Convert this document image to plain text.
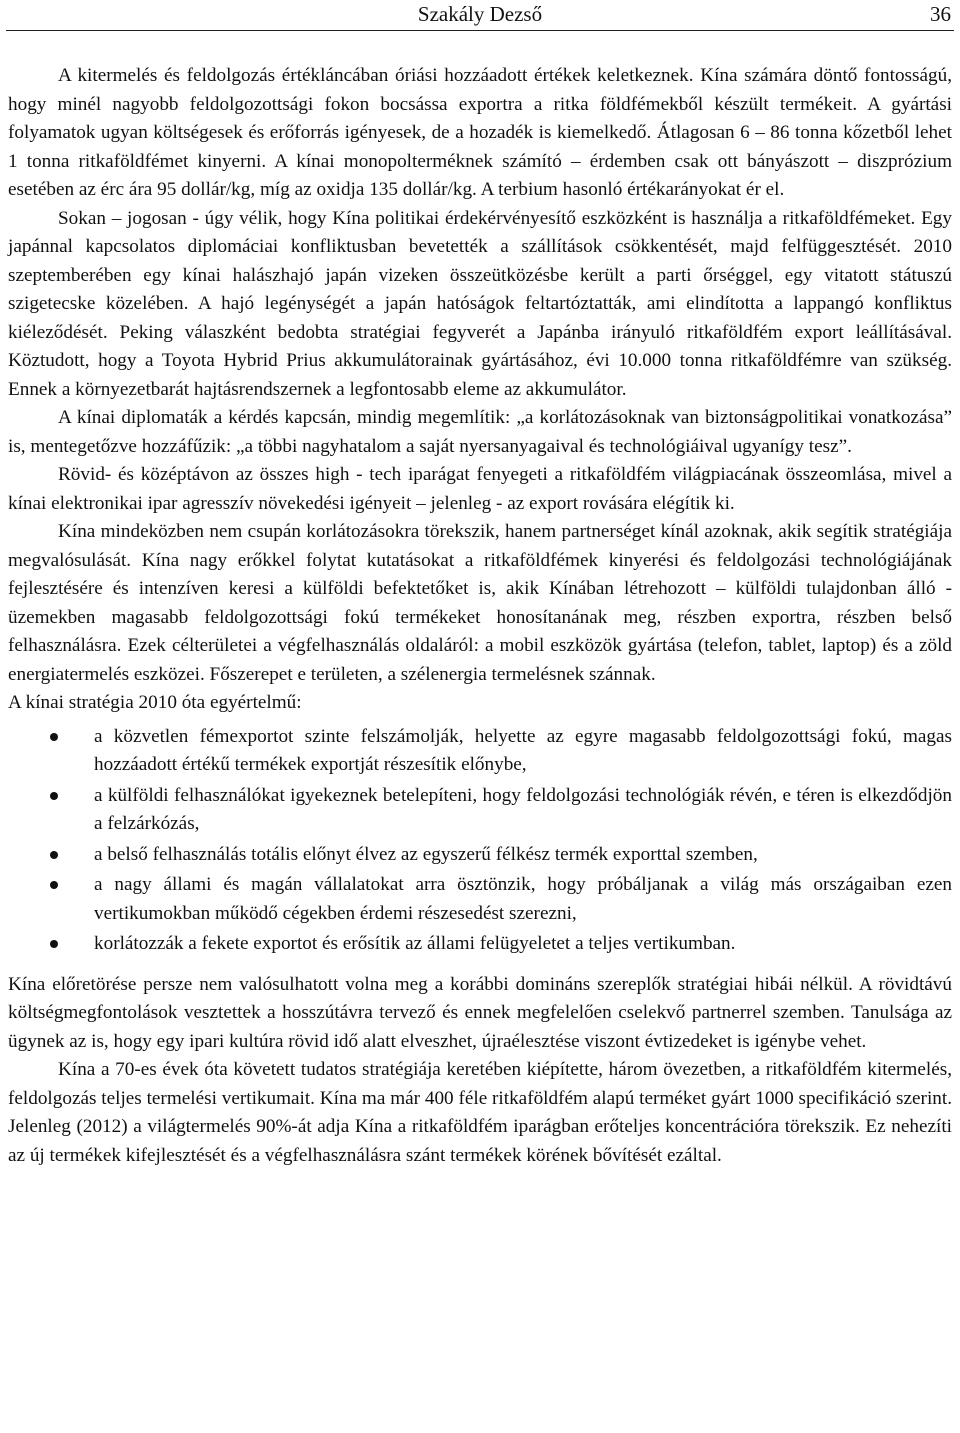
Szakály Dezső	36

A kitermelés és feldolgozás értékláncában óriási hozzáadott értékek keletkeznek. Kína számára döntő fontosságú, hogy minél nagyobb feldolgozottsági fokon bocsássa exportra a ritka földfémekből készült termékeit. A gyártási folyamatok ugyan költségesek és erőforrás igényesek, de a hozadék is kiemelkedő. Átlagosan 6 – 86 tonna kőzetből lehet 1 tonna ritkaföldfémet kinyerni. A kínai monopolterméknek számító – érdemben csak ott bányászott – diszprózium esetében az érc ára 95 dollár/kg, míg az oxidja 135 dollár/kg. A terbium hasonló értékarányokat ér el.

Sokan – jogosan - úgy vélik, hogy Kína politikai érdekérvényesítő eszközként is használja a ritkaföldfémeket. Egy japánnal kapcsolatos diplomáciai konfliktusban bevetették a szállítások csökkentését, majd felfüggesztését. 2010 szeptemberében egy kínai halászhajó japán vizeken összeütközésbe került a parti őrséggel, egy vitatott státuszú szigetecske közelében. A hajó legénységét a japán hatóságok feltartóztatták, ami elindította a lappangó konfliktus kiéleződését. Peking válaszként bedobta stratégiai fegyverét a Japánba irányuló ritkaföldfém export leállításával. Köztudott, hogy a Toyota Hybrid Prius akkumulátorainak gyártásához, évi 10.000 tonna ritkaföldfémre van szükség. Ennek a környezetbarát hajtásrendszernek a legfontosabb eleme az akkumulátor.

A kínai diplomaták a kérdés kapcsán, mindig megemlítik: „a korlátozásoknak van biztonságpolitikai vonatkozása” is, mentegetőzve hozzáfűzik: „a többi nagyhatalom a saját nyersanyagaival és technológiáival ugyanígy tesz”.

Rövid- és középtávon az összes high - tech iparágat fenyegeti a ritkaföldfém világpiacának összeomlása, mivel a kínai elektronikai ipar agresszív növekedési igényeit – jelenleg - az export rovására elégítik ki.

Kína mindeközben nem csupán korlátozásokra törekszik, hanem partnerséget kínál azoknak, akik segítik stratégiája megvalósulását. Kína nagy erőkkel folytat kutatásokat a ritkaföldfémek kinyerési és feldolgozási technológiájának fejlesztésére és intenzíven keresi a külföldi befektetőket is, akik Kínában létrehozott – külföldi tulajdonban álló - üzemekben magasabb feldolgozottsági fokú termékeket honosítanának meg, részben exportra, részben belső felhasználásra. Ezek célterületei a végfelhasználás oldaláról: a mobil eszközök gyártása (telefon, tablet, laptop) és a zöld energiatermelés eszközei. Főszerepet e területen, a szélenergia termelésnek szánnak.

A kínai stratégia 2010 óta egyértelmű:

a közvetlen fémexportot szinte felszámolják, helyette az egyre magasabb feldolgozottsági fokú, magas hozzáadott értékű termékek exportját részesítik előnybe,
a külföldi felhasználókat igyekeznek betelepíteni, hogy feldolgozási technológiák révén, e téren is elkezdődjön a felzárkózás,
a belső felhasználás totális előnyt élvez az egyszerű félkész termék exporttal szemben,
a nagy állami és magán vállalatokat arra ösztönzik, hogy próbáljanak a világ más országaiban ezen vertikumokban működő cégekben érdemi részesedést szerezni,
korlátozzák a fekete exportot és erősítik az állami felügyeletet a teljes vertikumban.

Kína előretörése persze nem valósulhatott volna meg a korábbi domináns szereplők stratégiai hibái nélkül. A rövidtávú költségmegfontolások vesztettek a hosszútávra tervező és ennek megfelelően cselekvő partnerrel szemben. Tanulsága az ügynek az is, hogy egy ipari kultúra rövid idő alatt elveszhet, újraélesztése viszont évtizedeket is igénybe vehet.

Kína a 70-es évek óta követett tudatos stratégiája keretében kiépítette, három övezetben, a ritkaföldfém kitermelés, feldolgozás teljes termelési vertikumait. Kína ma már 400 féle ritkaföldfém alapú terméket gyárt 1000 specifikáció szerint. Jelenleg (2012) a világtermelés 90%-át adja Kína a ritkaföldfém iparágban erőteljes koncentrációra törekszik. Ez nehezíti az új termékek kifejlesztését és a végfelhasználásra szánt termékek körének bővítését ezáltal.
